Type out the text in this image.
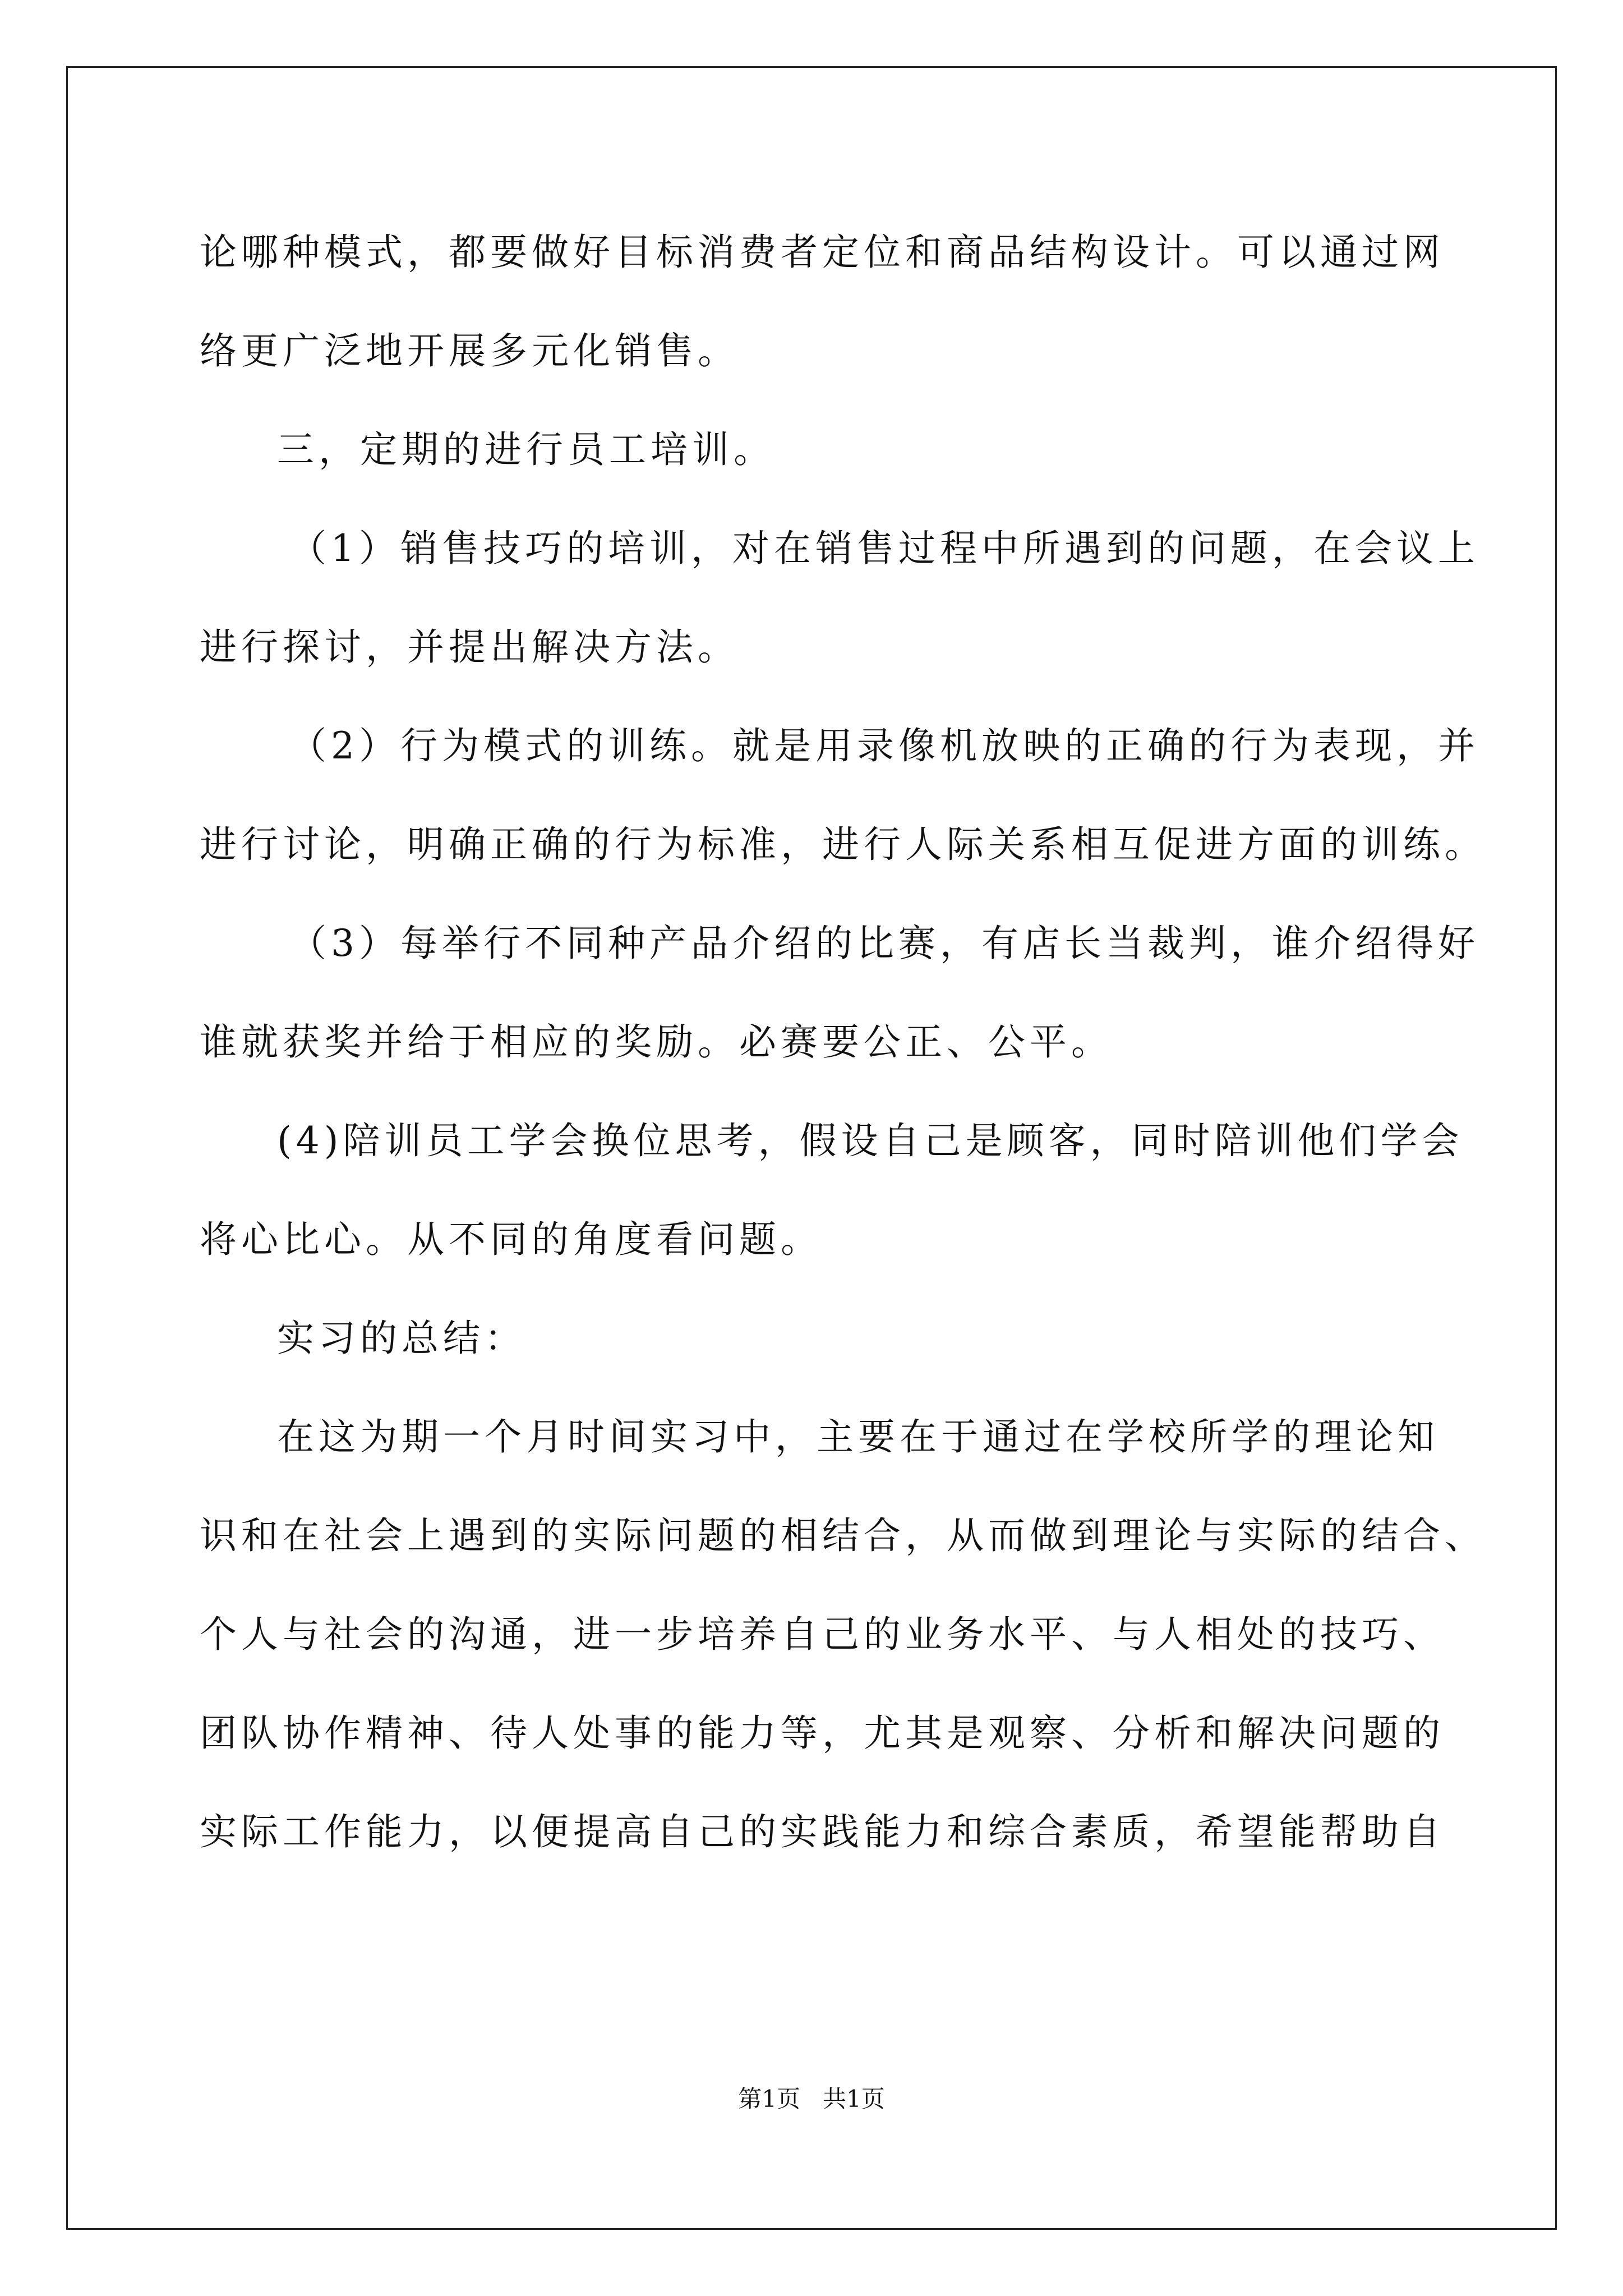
论哪种模式，都要做好目标消费者定位和商品结构设计。可以通过网
络更广泛地开展多元化销售。
三，定期的进行员工培训。
（1）销售技巧的培训，对在销售过程中所遇到的问题，在会议上
进行探讨，并提出解决方法。
（2）行为模式的训练。就是用录像机放映的正确的行为表现，并
进行讨论，明确正确的行为标准，进行人际关系相互促进方面的训练。
（3）每举行不同种产品介绍的比赛，有店长当裁判，谁介绍得好
谁就获奖并给于相应的奖励。必赛要公正、公平。
(4)陪训员工学会换位思考，假设自己是顾客，同时陪训他们学会
将心比心。从不同的角度看问题。
实习的总结：
在这为期一个月时间实习中，主要在于通过在学校所学的理论知
识和在社会上遇到的实际问题的相结合，从而做到理论与实际的结合、
个人与社会的沟通，进一步培养自己的业务水平、与人相处的技巧、
团队协作精神、待人处事的能力等，尤其是观察、分析和解决问题的
实际工作能力，以便提高自己的实践能力和综合素质，希望能帮助自
第1页   共1页
